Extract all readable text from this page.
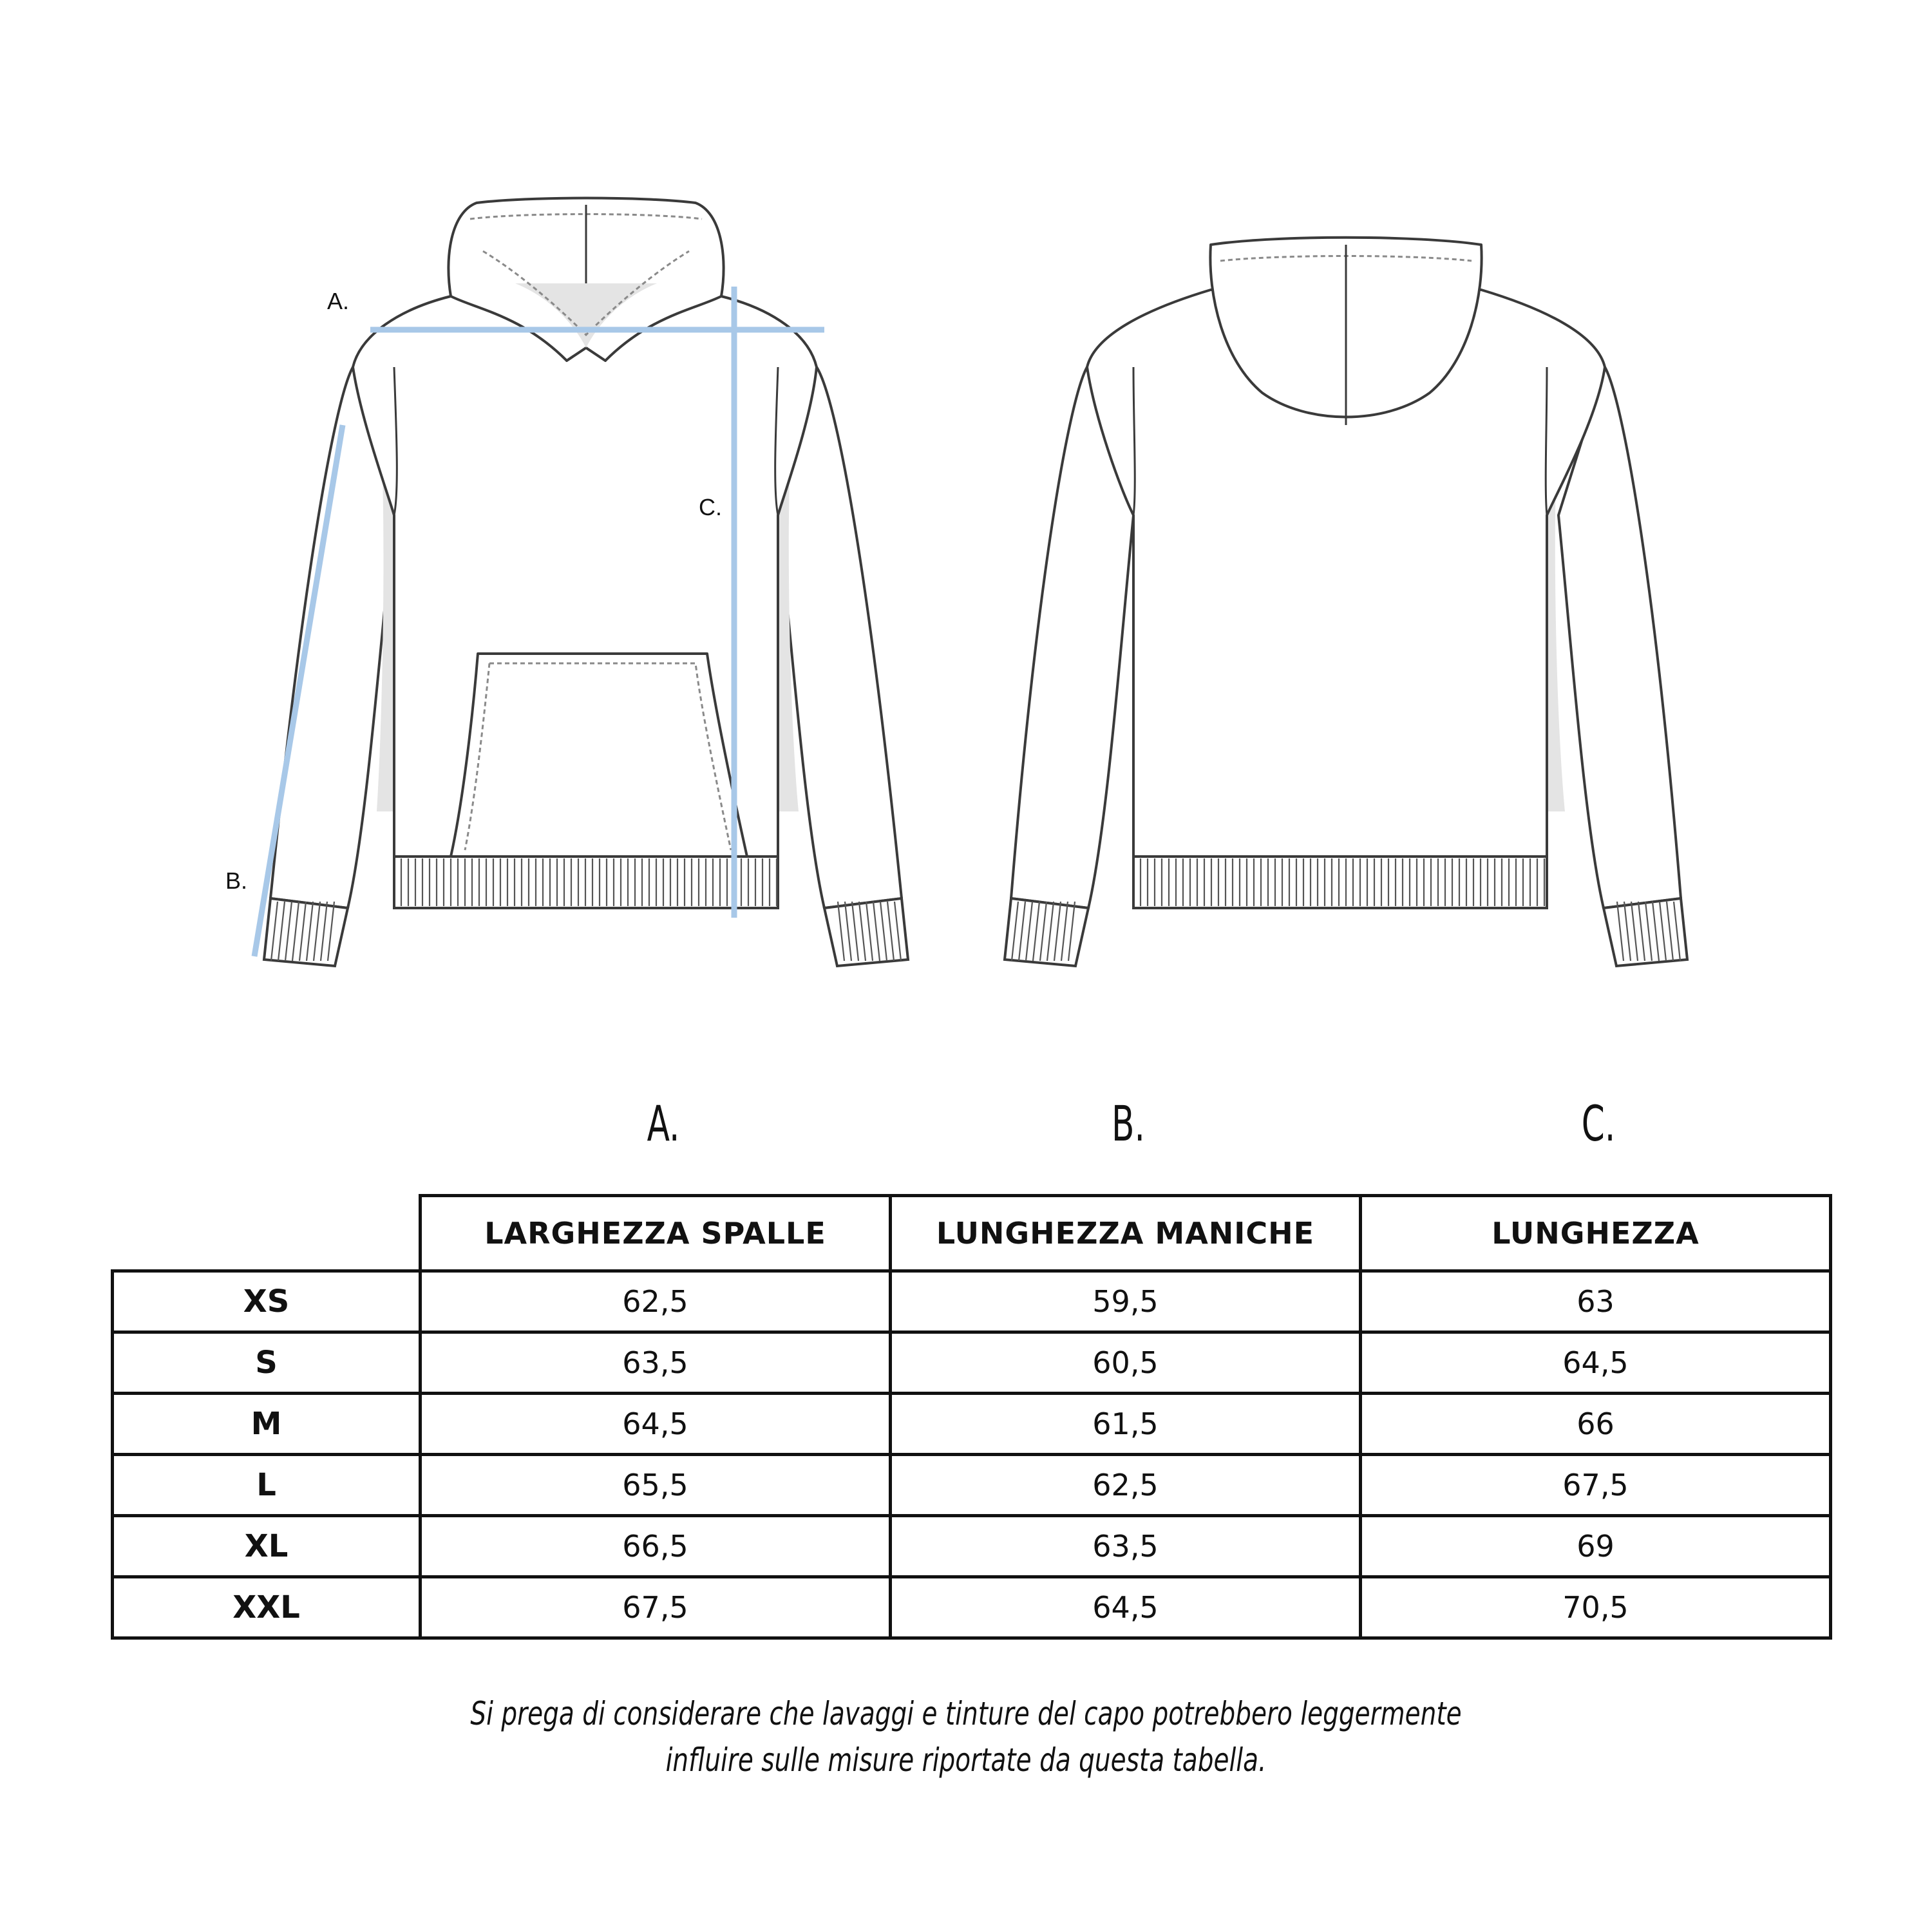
A.
B.
C.
A.	B.	C.
	LARGHEZZA SPALLE	LUNGHEZZA MANICHE	LUNGHEZZA
XS	62,5	59,5	63
S	63,5	60,5	64,5
M	64,5	61,5	66
L	65,5	62,5	67,5
XL	66,5	63,5	69
XXL	67,5	64,5	70,5
Si prega di considerare che lavaggi e tinture del capo potrebbero leggermente
influire sulle misure riportate da questa tabella.
